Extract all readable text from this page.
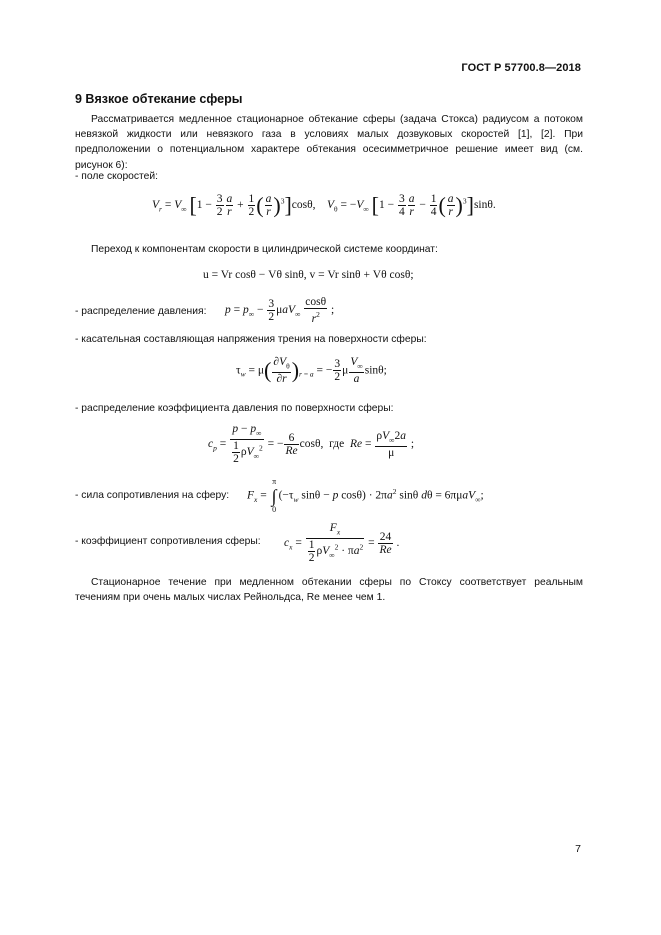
ГОСТ Р 57700.8—2018
9 Вязкое обтекание сферы
Рассматривается медленное стационарное обтекание сферы (задача Стокса) радиусом a потоком невязкой жидкости или невязкого газа в условиях малых дозвуковых скоростей [1], [2]. При предположении о потенциальном характере обтекания осесимметричное решение имеет вид (см. рисунок 6):
- поле скоростей:
$V_r = V_\infty$ [$1 - \frac{3}{2} \frac{a}{r} + \frac{1}{2}$ ( $\frac{a}{r} )^3]\cos\theta$,    $V_\theta = -V_\infty$ [$1 - \frac{3}{4} \frac{a}{r} - \frac{1}{4}$ ( $\frac{a}{r} )^3]\sin\theta$.
Переход к компонентам скорости в цилиндрической системе координат:
u = Vr cosθ − Vθ sinθ, v = Vr sinθ + Vθ cosθ;
- распределение давления: $p = p_\infty - \frac{3}{2} \mu aV_\infty \frac{\cos\theta}{r^2}$ ;
- касательная составляющая напряжения трения на поверхности сферы:
$\tau_w = \mu( \frac{\partial V_\theta}{\partial r} )_{r = a}$ = − $\frac{3}{2}$ μ $\frac{V_\infty}{a} \sin\theta$;
- распределение коэффициента давления по поверхности сферы:
$c_p = \frac{p - p_\infty}{\frac{1}{2} \rho V_\infty^2}$ = − $\frac{6}{Re} \cos\theta$,  где $Re = \frac{\rho V_\infty 2a}{\mu}$ ;
- сила сопротивления на сферу: $F_x$ =
π
∫
0
($-\tau_w$ sinθ − p $\cos\theta) \cdot 2\pi a^2$ sinθ dθ = 6πμaV$_\infty$;
- коэффициент сопротивления сферы: $c_x = \frac{F_x}{\frac{1}{2} \rho V_\infty^2 \cdot \pi a^2} = \frac{24}{Re}$ .
Стационарное течение при медленном обтекании сферы по Стоксу соответствует реальным течениям при очень малых числах Рейнольдса, Re менее чем 1.
7
